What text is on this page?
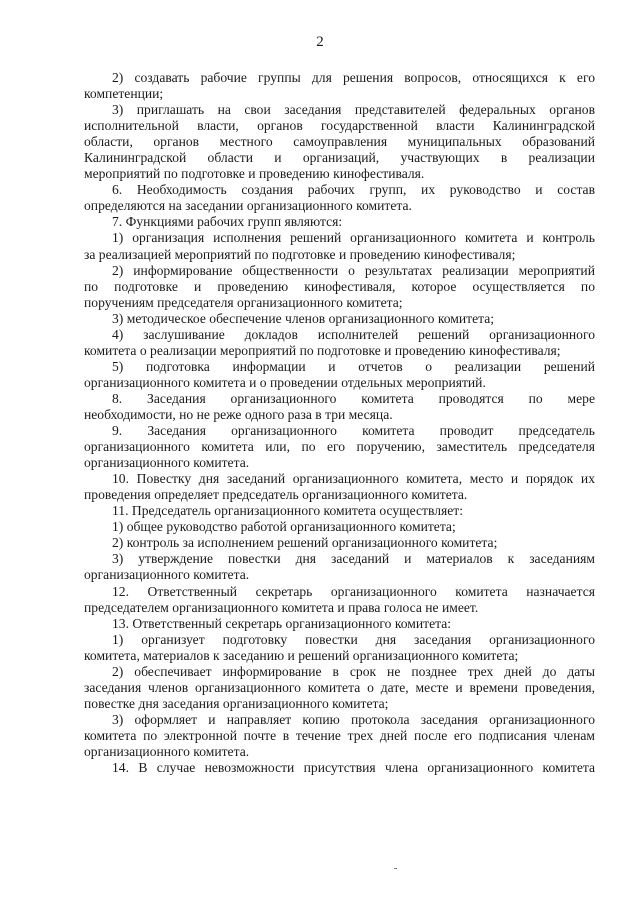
2
2) создавать рабочие группы для решения вопросов, относящихся к его
компетенции;
3) приглашать на свои заседания представителей федеральных органов
исполнительной власти, органов государственной власти Калининградской
области, органов местного самоуправления муниципальных образований
Калининградской области и организаций, участвующих в реализации
мероприятий по подготовке и проведению кинофестиваля.
6. Необходимость создания рабочих групп, их руководство и состав
определяются на заседании организационного комитета.
7. Функциями рабочих групп являются:
1) организация исполнения решений организационного комитета и контроль
за реализацией мероприятий по подготовке и проведению кинофестиваля;
2) информирование общественности о результатах реализации мероприятий
по подготовке и проведению кинофестиваля, которое осуществляется по
поручениям председателя организационного комитета;
3) методическое обеспечение членов организационного комитета;
4) заслушивание докладов исполнителей решений организационного
комитета о реализации мероприятий по подготовке и проведению кинофестиваля;
5) подготовка информации и отчетов о реализации решений
организационного комитета и о проведении отдельных мероприятий.
8. Заседания организационного комитета проводятся по мере
необходимости, но не реже одного раза в три месяца.
9. Заседания организационного комитета проводит председатель
организационного комитета или, по его поручению, заместитель председателя
организационного комитета.
10. Повестку дня заседаний организационного комитета, место и порядок их
проведения определяет председатель организационного комитета.
11. Председатель организационного комитета осуществляет:
1) общее руководство работой организационного комитета;
2) контроль за исполнением решений организационного комитета;
3) утверждение повестки дня заседаний и материалов к заседаниям
организационного комитета.
12. Ответственный секретарь организационного комитета назначается
председателем организационного комитета и права голоса не имеет.
13. Ответственный секретарь организационного комитета:
1) организует подготовку повестки дня заседания организационного
комитета, материалов к заседанию и решений организационного комитета;
2) обеспечивает информирование в срок не позднее трех дней до даты
заседания членов организационного комитета о дате, месте и времени проведения,
повестке дня заседания организационного комитета;
3) оформляет и направляет копию протокола заседания организационного
комитета по электронной почте в течение трех дней после его подписания членам
организационного комитета.
14. В случае невозможности присутствия члена организационного комитета
